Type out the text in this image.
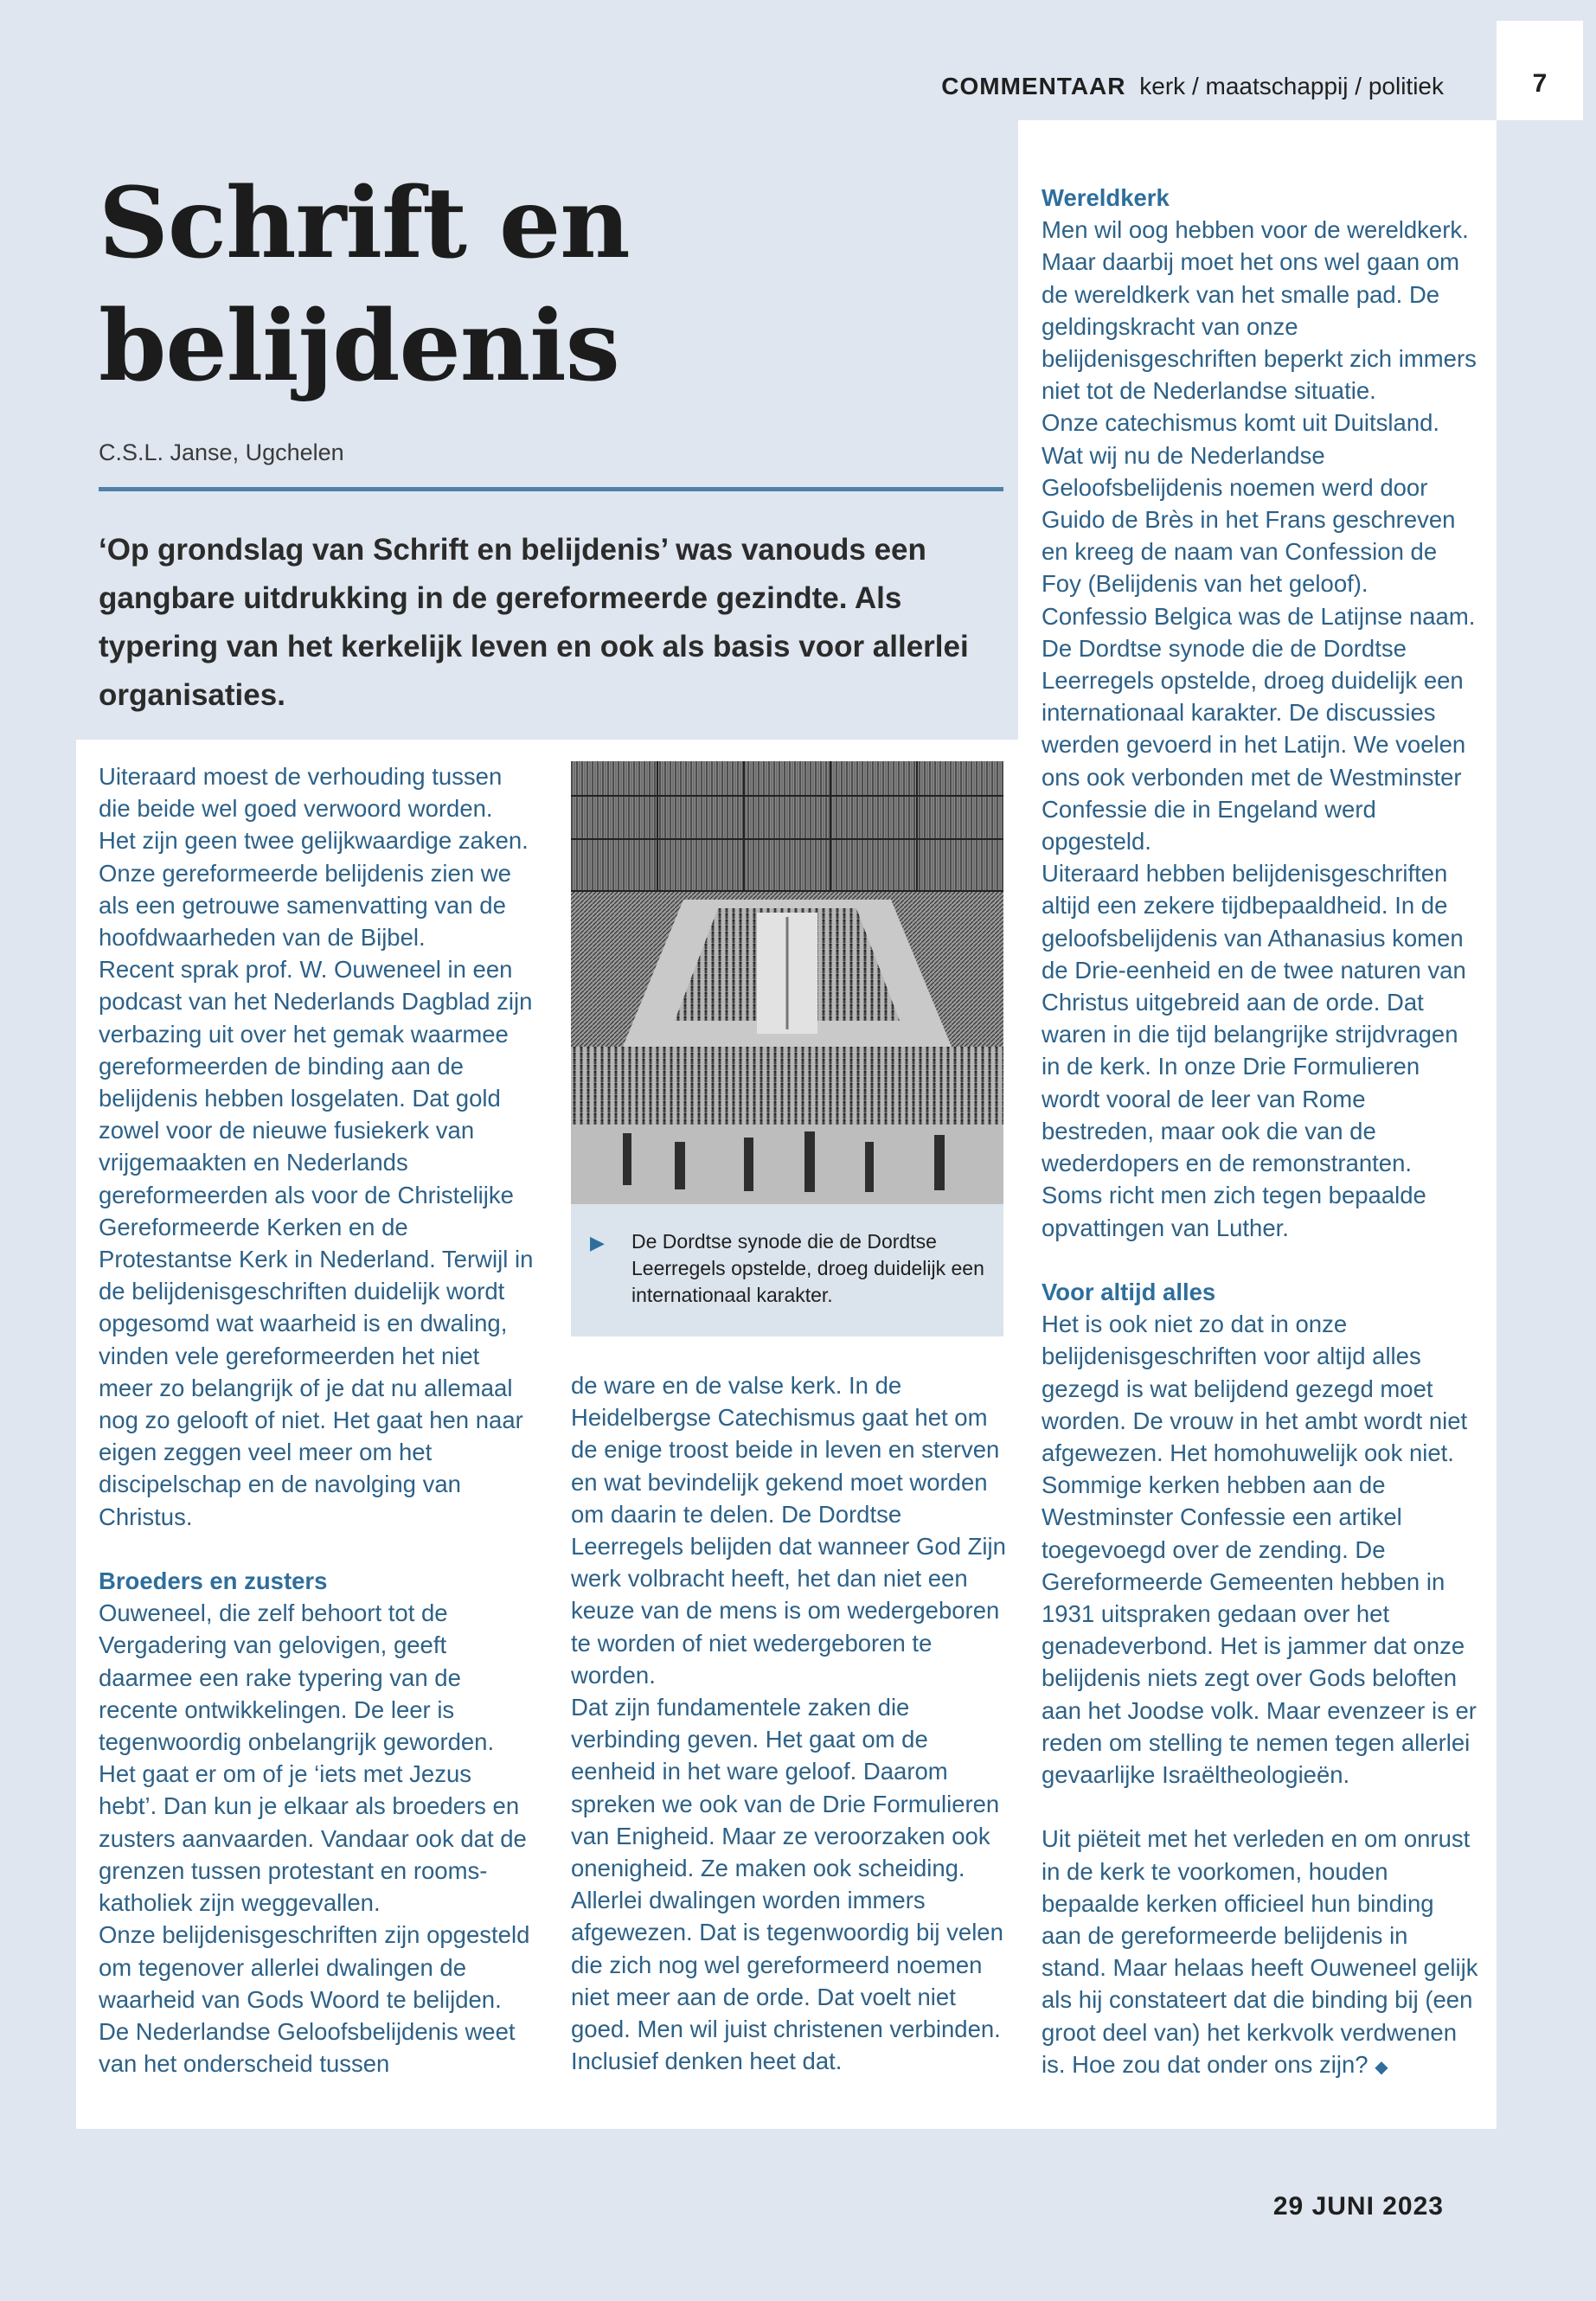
COMMENTAAR kerk / maatschappij / politiek	7
Schrift en
belijdenis
C.S.L. Janse, Ugchelen
‘Op grondslag van Schrift en belijdenis’ was vanouds een gangbare uitdrukking in de gereformeerde gezindte. Als typering van het kerkelijk leven en ook als basis voor allerlei organisaties.

Uiteraard moest de verhouding tussen die beide wel goed verwoord worden. Het zijn geen twee gelijkwaardige zaken. Onze gereformeerde belijdenis zien we als een getrouwe samenvatting van de hoofdwaarheden van de Bijbel.

Recent sprak prof. W. Ouweneel in een podcast van het Nederlands Dagblad zijn verbazing uit over het gemak waarmee gereformeerden de binding aan de belijdenis hebben losgelaten. Dat gold zowel voor de nieuwe fusiekerk van vrijgemaakten en Nederlands gereformeerden als voor de Christelijke Gereformeerde Kerken en de Protestantse Kerk in Nederland. Terwijl in de belijdenisgeschriften duidelijk wordt opgesomd wat waarheid is en dwaling, vinden vele gereformeerden het niet meer zo belangrijk of je dat nu allemaal nog zo gelooft of niet. Het gaat hen naar eigen zeggen veel meer om het discipelschap en de navolging van Christus.

Broeders en zusters

Ouweneel, die zelf behoort tot de Vergadering van gelovigen, geeft daarmee een rake typering van de recente ontwikkelingen. De leer is tegenwoordig onbelangrijk geworden. Het gaat er om of je ‘iets met Jezus hebt’. Dan kun je elkaar als broeders en zusters aanvaarden. Vandaar ook dat de grenzen tussen protestant en rooms-katholiek zijn weggevallen.

Onze belijdenisgeschriften zijn opgesteld om tegenover allerlei dwalingen de waarheid van Gods Woord te belijden. De Nederlandse Geloofsbelijdenis weet van het onderscheid tussen

▶ De Dordtse synode die de Dordtse Leerregels opstelde, droeg duidelijk een internationaal karakter.

de ware en de valse kerk. In de Heidelbergse Catechismus gaat het om de enige troost beide in leven en sterven en wat bevindelijk gekend moet worden om daarin te delen. De Dordtse Leerregels belijden dat wanneer God Zijn werk volbracht heeft, het dan niet een keuze van de mens is om wedergeboren te worden of niet wedergeboren te worden.

Dat zijn fundamentele zaken die verbinding geven. Het gaat om de eenheid in het ware geloof. Daarom spreken we ook van de Drie Formulieren van Enigheid. Maar ze veroorzaken ook onenigheid. Ze maken ook scheiding. Allerlei dwalingen worden immers afgewezen. Dat is tegenwoordig bij velen die zich nog wel gereformeerd noemen niet meer aan de orde. Dat voelt niet goed. Men wil juist christenen verbinden. Inclusief denken heet dat.

Wereldkerk

Men wil oog hebben voor de wereldkerk. Maar daarbij moet het ons wel gaan om de wereldkerk van het smalle pad. De geldingskracht van onze belijdenisgeschriften beperkt zich immers niet tot de Nederlandse situatie.

Onze catechismus komt uit Duitsland. Wat wij nu de Nederlandse Geloofsbelijdenis noemen werd door Guido de Brès in het Frans geschreven en kreeg de naam van Confession de Foy (Belijdenis van het geloof). Confessio Belgica was de Latijnse naam.

De Dordtse synode die de Dordtse Leerregels opstelde, droeg duidelijk een internationaal karakter. De discussies werden gevoerd in het Latijn. We voelen ons ook verbonden met de Westminster Confessie die in Engeland werd opgesteld.

Uiteraard hebben belijdenisgeschriften altijd een zekere tijdbepaaldheid. In de geloofsbelijdenis van Athanasius komen de Drie-eenheid en de twee naturen van Christus uitgebreid aan de orde. Dat waren in die tijd belangrijke strijdvragen in de kerk. In onze Drie Formulieren wordt vooral de leer van Rome bestreden, maar ook die van de wederdopers en de remonstranten. Soms richt men zich tegen bepaalde opvattingen van Luther.

Voor altijd alles

Het is ook niet zo dat in onze belijdenisgeschriften voor altijd alles gezegd is wat belijdend gezegd moet worden. De vrouw in het ambt wordt niet afgewezen. Het homohuwelijk ook niet. Sommige kerken hebben aan de Westminster Confessie een artikel toegevoegd over de zending. De Gereformeerde Gemeenten hebben in 1931 uitspraken gedaan over het genadeverbond. Het is jammer dat onze belijdenis niets zegt over Gods beloften aan het Joodse volk. Maar evenzeer is er reden om stelling te nemen tegen allerlei gevaarlijke Israëltheologieën.

Uit piëteit met het verleden en om onrust in de kerk te voorkomen, houden bepaalde kerken officieel hun binding aan de gereformeerde belijdenis in stand. Maar helaas heeft Ouweneel gelijk als hij constateert dat die binding bij (een groot deel van) het kerkvolk verdwenen is. Hoe zou dat onder ons zijn? ◆

29 JUNI 2023
